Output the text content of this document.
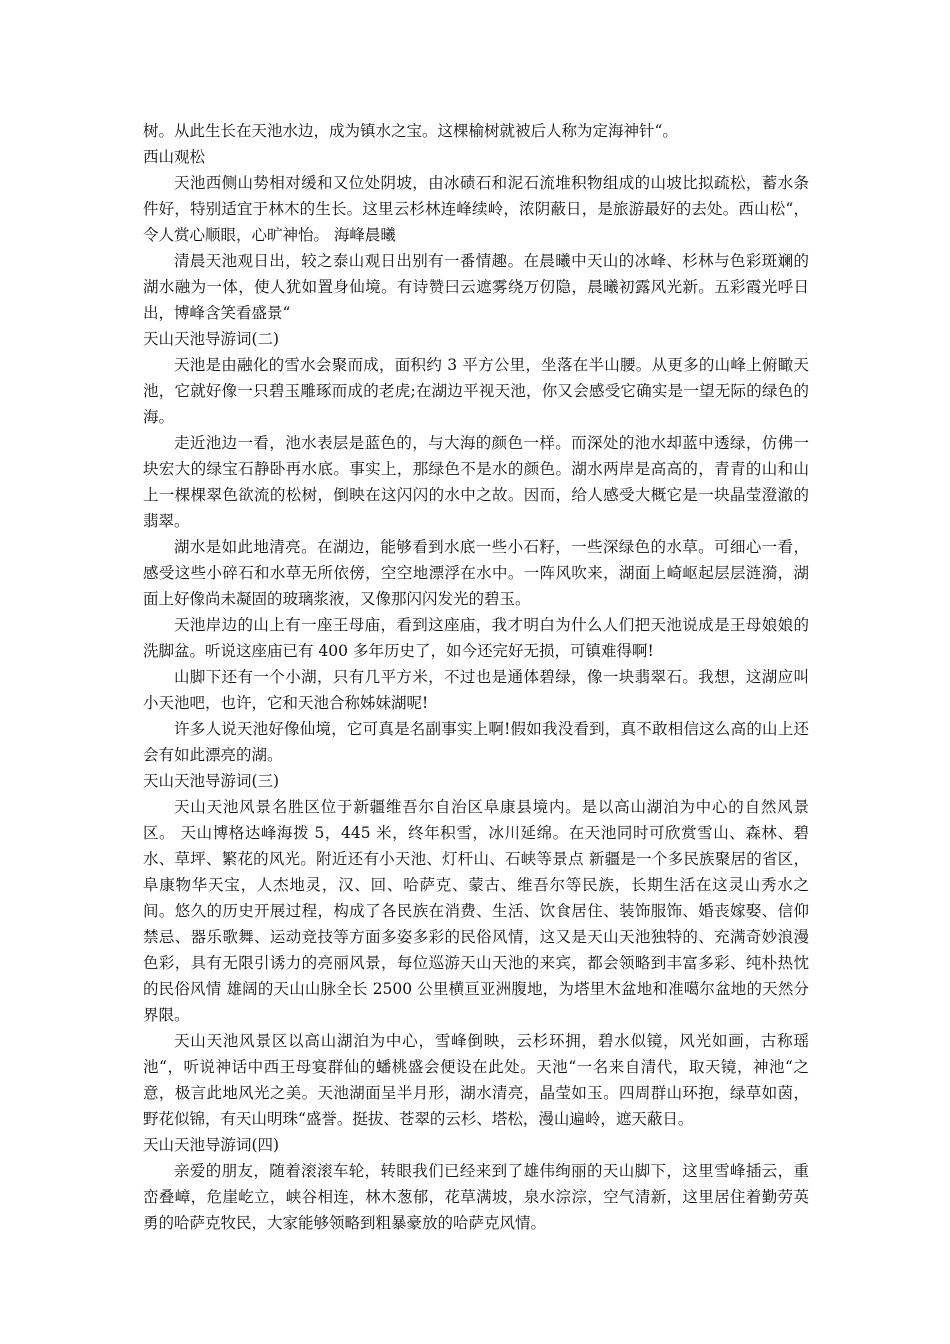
树。从此生长在天池水边，成为镇水之宝。这棵榆树就被后人称为定海神针“。

西山观松

天池西侧山势相对缓和又位处阴坡，由冰碛石和泥石流堆积物组成的山坡比拟疏松，蓄水条件好，特别适宜于林木的生长。这里云杉林连峰续岭，浓阴蔽日，是旅游最好的去处。西山松“，令人赏心顺眼，心旷神怡。 海峰晨曦

清晨天池观日出，较之泰山观日出别有一番情趣。在晨曦中天山的冰峰、杉林与色彩斑斓的湖水融为一体，使人犹如置身仙境。有诗赞曰云遮雾绕万仞隐，晨曦初露风光新。五彩霞光呼日出，博峰含笑看盛景“

天山天池导游词(二)

天池是由融化的雪水会聚而成，面积约 3 平方公里，坐落在半山腰。从更多的山峰上俯瞰天池，它就好像一只碧玉雕琢而成的老虎;在湖边平视天池，你又会感受它确实是一望无际的绿色的海。

走近池边一看，池水表层是蓝色的，与大海的颜色一样。而深处的池水却蓝中透绿，仿佛一块宏大的绿宝石静卧再水底。事实上，那绿色不是水的颜色。湖水两岸是高高的，青青的山和山上一棵棵翠色欲流的松树，倒映在这闪闪的水中之故。因而，给人感受大概它是一块晶莹澄澈的翡翠。

湖水是如此地清亮。在湖边，能够看到水底一些小石籽，一些深绿色的水草。可细心一看，感受这些小碎石和水草无所依傍，空空地漂浮在水中。一阵风吹来，湖面上崎岖起层层涟漪，湖面上好像尚未凝固的玻璃浆液，又像那闪闪发光的碧玉。

天池岸边的山上有一座王母庙，看到这座庙，我才明白为什么人们把天池说成是王母娘娘的洗脚盆。听说这座庙已有 400 多年历史了，如今还完好无损，可镇难得啊!

山脚下还有一个小湖，只有几平方米，不过也是通体碧绿，像一块翡翠石。我想，这湖应叫小天池吧，也许，它和天池合称姊妹湖呢!

许多人说天池好像仙境，它可真是名副事实上啊!假如我没看到，真不敢相信这么高的山上还会有如此漂亮的湖。

天山天池导游词(三)

天山天池风景名胜区位于新疆维吾尔自治区阜康县境内。是以高山湖泊为中心的自然风景区。 天山博格达峰海拨 5，445 米，终年积雪，冰川延绵。在天池同时可欣赏雪山、森林、碧水、草坪、繁花的风光。附近还有小天池、灯杆山、石峡等景点 新疆是一个多民族聚居的省区，阜康物华天宝，人杰地灵，汉、回、哈萨克、蒙古、维吾尔等民族，长期生活在这灵山秀水之间。悠久的历史开展过程，构成了各民族在消费、生活、饮食居住、装饰服饰、婚丧嫁娶、信仰禁忌、器乐歌舞、运动竞技等方面多姿多彩的民俗风情，这又是天山天池独特的、充满奇妙浪漫色彩，具有无限引诱力的亮丽风景，每位巡游天山天池的来宾，都会领略到丰富多彩、纯朴热忱的民俗风情 雄阔的天山山脉全长 2500 公里横亘亚洲腹地，为塔里木盆地和准噶尔盆地的天然分界限。

天山天池风景区以高山湖泊为中心，雪峰倒映，云杉环拥，碧水似镜，风光如画，古称瑶池“，听说神话中西王母宴群仙的蟠桃盛会便设在此处。天池“一名来自清代，取天镜，神池“之意，极言此地风光之美。天池湖面呈半月形，湖水清亮，晶莹如玉。四周群山环抱，绿草如茵，野花似锦，有天山明珠“盛誉。挺拔、苍翠的云杉、塔松，漫山遍岭，遮天蔽日。

天山天池导游词(四)

亲爱的朋友，随着滚滚车轮，转眼我们已经来到了雄伟绚丽的天山脚下，这里雪峰插云，重峦叠嶂，危崖屹立，峡谷相连，林木葱郁，花草满坡，泉水淙淙，空气清新，这里居住着勤劳英勇的哈萨克牧民，大家能够领略到粗暴豪放的哈萨克风情。
